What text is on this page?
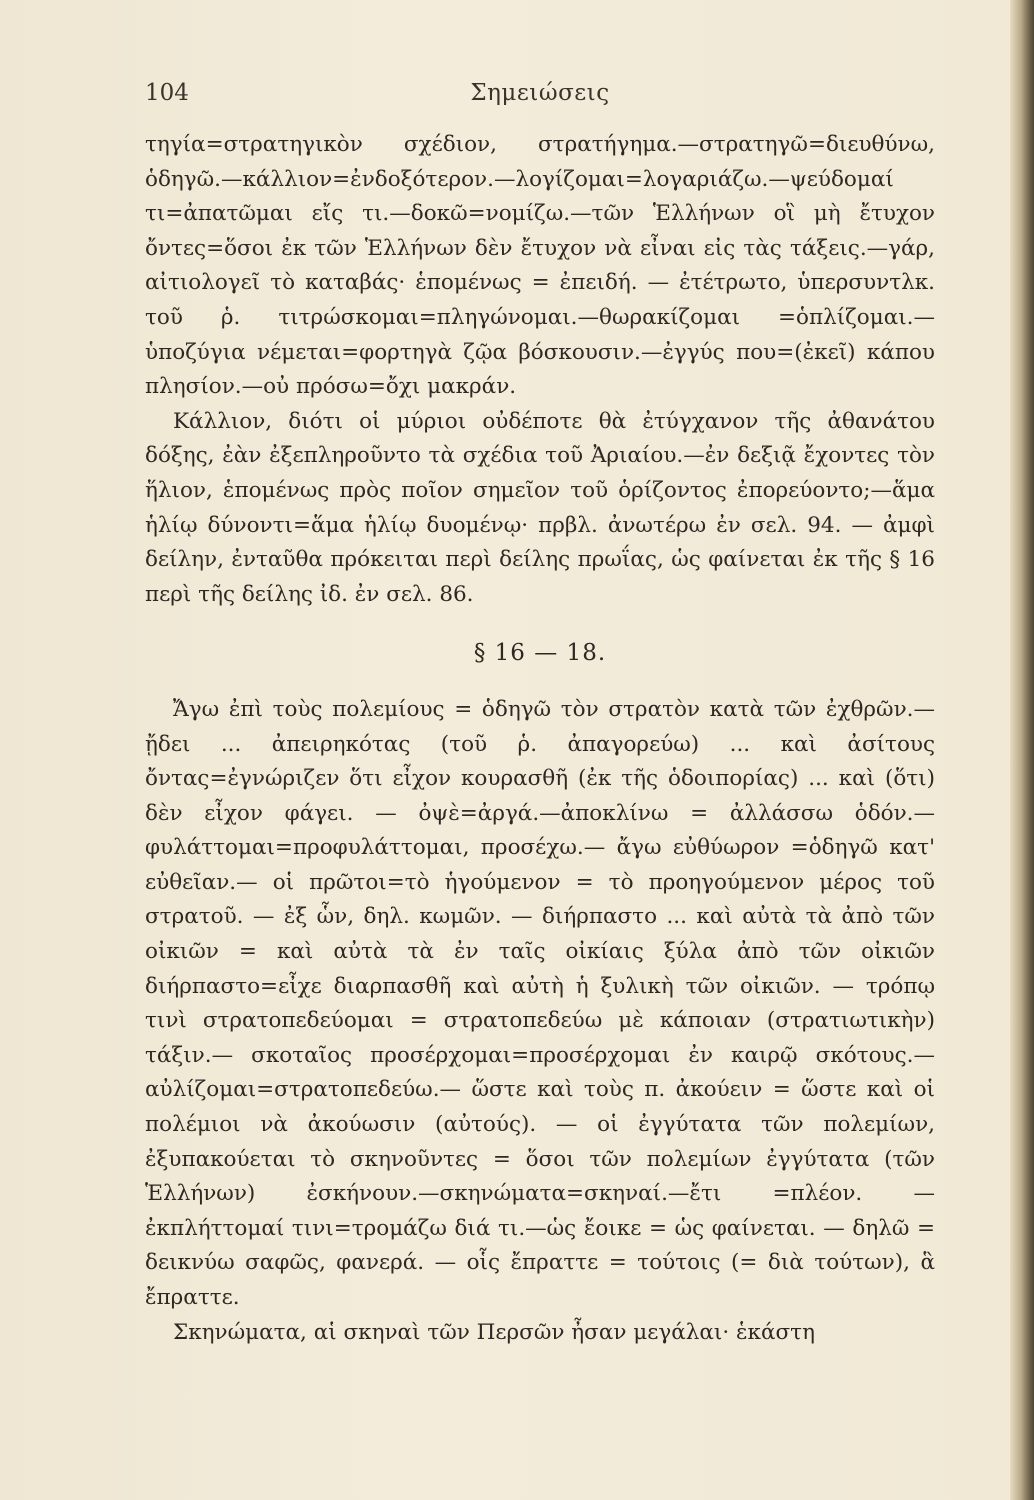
104	Σημειώσεις

τηγία=στρατηγικὸν σχέδιον, στρατήγημα.—στρατηγῶ=διευθύνω, ὁδηγῶ.—κάλλιον=ἐνδοξότερον.—λογίζομαι=λογαριάζω.—ψεύδομαί τι=ἀπατῶμαι εἴς τι.—δοκῶ=νομίζω.—τῶν Ἑλλήνων οἳ μὴ ἔτυχον ὄντες=ὅσοι ἐκ τῶν Ἑλλήνων δὲν ἔτυχον νὰ εἶναι εἰς τὰς τάξεις.—γάρ, αἰτιολογεῖ τὸ καταβάς· ἑπομένως = ἐπειδή. — ἐτέτρωτο, ὑπερσυντλκ. τοῦ ῥ. τιτρώσκομαι=πληγώνομαι.—θωρακίζομαι =ὁπλίζομαι.—ὑποζύγια νέμεται=φορτηγὰ ζῷα βόσκουσιν.—ἐγγύς που=(ἐκεῖ) κάπου πλησίον.—οὐ πρόσω=ὄχι μακράν.

Κάλλιον, διότι οἱ μύριοι οὐδέποτε θὰ ἐτύγχανον τῆς ἀθανάτου δόξης, ἐὰν ἐξεπληροῦντο τὰ σχέδια τοῦ Ἀριαίου.—ἐν δεξιᾷ ἔχοντες τὸν ἥλιον, ἑπομένως πρὸς ποῖον σημεῖον τοῦ ὁρίζοντος ἐπορεύοντο;—ἅμα ἡλίῳ δύνοντι=ἅμα ἡλίῳ δυομένῳ· πρβλ. ἀνωτέρω ἐν σελ. 94. — ἀμφὶ δείλην, ἐνταῦθα πρόκειται περὶ δείλης πρωΐας, ὡς φαίνεται ἐκ τῆς § 16 περὶ τῆς δείλης ἰδ. ἐν σελ. 86.

§ 16 — 18.

Ἄγω ἐπὶ τοὺς πολεμίους = ὁδηγῶ τὸν στρατὸν κατὰ τῶν ἐχθρῶν.—ᾔδει ... ἀπειρηκότας (τοῦ ῥ. ἀπαγορεύω) ... καὶ ἀσίτους ὄντας=ἐγνώριζεν ὅτι εἶχον κουρασθῆ (ἐκ τῆς ὁδοιπορίας) ... καὶ (ὅτι) δὲν εἶχον φάγει. — ὀψὲ=ἀργά.—ἀποκλίνω = ἀλλάσσω ὁδόν.—φυλάττομαι=προφυλάττομαι, προσέχω.— ἄγω εὐθύωρον =ὁδηγῶ κατ' εὐθεῖαν.— οἱ πρῶτοι=τὸ ἡγούμενον = τὸ προηγούμενον μέρος τοῦ στρατοῦ. — ἐξ ὧν, δηλ. κωμῶν. — διήρπαστο ... καὶ αὐτὰ τὰ ἀπὸ τῶν οἰκιῶν = καὶ αὐτὰ τὰ ἐν ταῖς οἰκίαις ξύλα ἀπὸ τῶν οἰκιῶν διήρπαστο=εἶχε διαρπασθῆ καὶ αὐτὴ ἡ ξυλικὴ τῶν οἰκιῶν. — τρόπῳ τινὶ στρατοπεδεύομαι = στρατοπεδεύω μὲ κάποιαν (στρατιωτικὴν) τάξιν.— σκοταῖος προσέρχομαι=προσέρχομαι ἐν καιρῷ σκότους.— αὐλίζομαι=στρατοπεδεύω.— ὥστε καὶ τοὺς π. ἀκούειν = ὥστε καὶ οἱ πολέμιοι νὰ ἀκούωσιν (αὐτούς). — οἱ ἐγγύτατα τῶν πολεμίων, ἐξυπακούεται τὸ σκηνοῦντες = ὅσοι τῶν πολεμίων ἐγγύτατα (τῶν Ἑλλήνων) ἐσκήνουν.—σκηνώματα=σκηναί.—ἔτι =πλέον. — ἐκπλήττομαί τινι=τρομάζω διά τι.—ὡς ἔοικε = ὡς φαίνεται. — δηλῶ = δεικνύω σαφῶς, φανερά. — οἷς ἔπραττε = τούτοις (= διὰ τούτων), ἃ ἔπραττε.

Σκηνώματα, αἱ σκηναὶ τῶν Περσῶν ἦσαν μεγάλαι· ἑκάστη
